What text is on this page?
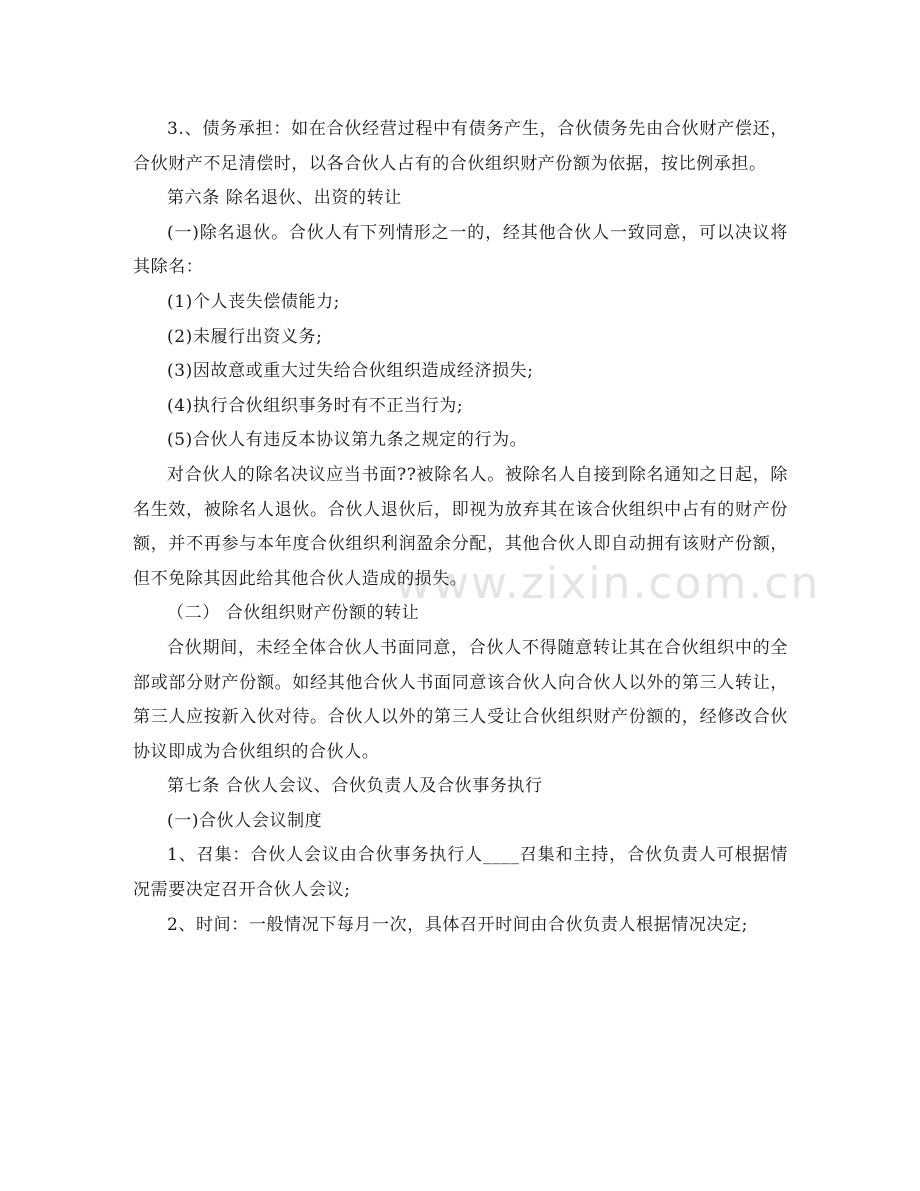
www.zixin.com.cn

3.、债务承担：如在合伙经营过程中有债务产生，合伙债务先由合伙财产偿还，合伙财产不足清偿时，以各合伙人占有的合伙组织财产份额为依据，按比例承担。

第六条 除名退伙、出资的转让

(一)除名退伙。合伙人有下列情形之一的，经其他合伙人一致同意，可以决议将其除名：

(1)个人丧失偿债能力;

(2)未履行出资义务;

(3)因故意或重大过失给合伙组织造成经济损失;

(4)执行合伙组织事务时有不正当行为;

(5)合伙人有违反本协议第九条之规定的行为。

对合伙人的除名决议应当书面??被除名人。被除名人自接到除名通知之日起，除名生效，被除名人退伙。合伙人退伙后，即视为放弃其在该合伙组织中占有的财产份额，并不再参与本年度合伙组织利润盈余分配，其他合伙人即自动拥有该财产份额，但不免除其因此给其他合伙人造成的损失。

（二） 合伙组织财产份额的转让

合伙期间，未经全体合伙人书面同意，合伙人不得随意转让其在合伙组织中的全部或部分财产份额。如经其他合伙人书面同意该合伙人向合伙人以外的第三人转让，第三人应按新入伙对待。合伙人以外的第三人受让合伙组织财产份额的，经修改合伙协议即成为合伙组织的合伙人。

第七条 合伙人会议、合伙负责人及合伙事务执行

(一)合伙人会议制度

1、召集：合伙人会议由合伙事务执行人____召集和主持，合伙负责人可根据情况需要决定召开合伙人会议;

2、时间：一般情况下每月一次，具体召开时间由合伙负责人根据情况决定;
